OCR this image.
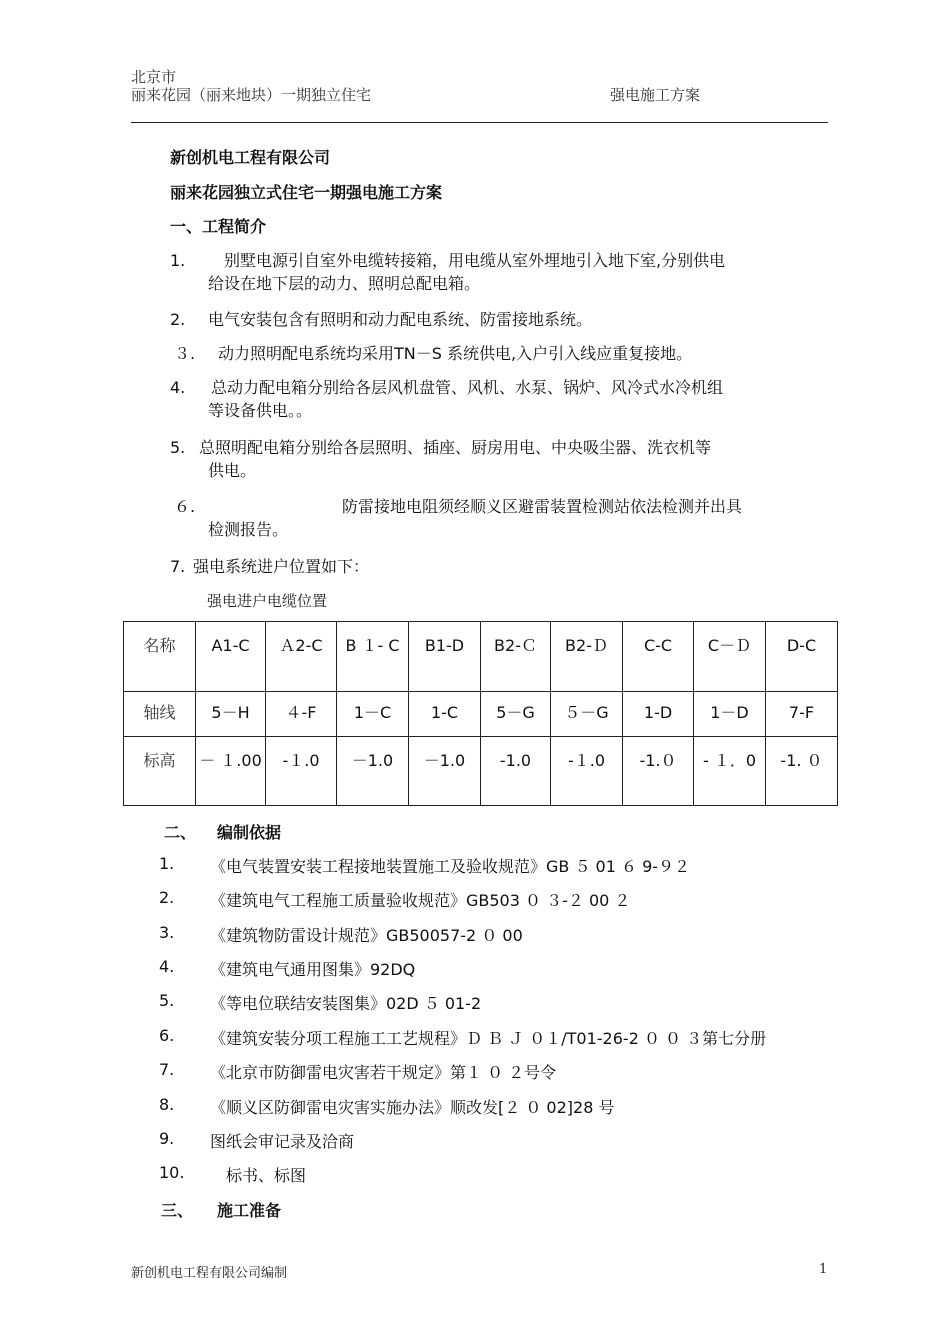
北京市
丽来花园（丽来地块）一期独立住宅	强电施工方案
新创机电工程有限公司
丽来花园独立式住宅一期强电施工方案
一、工程简介
1. 别墅电源引自室外电缆转接箱，用电缆从室外埋地引入地下室,分别供电
给设在地下层的动力、照明总配电箱。
2. 电气安装包含有照明和动力配电系统、防雷接地系统。
３. 动力照明配电系统均采用TN－S 系统供电,入户引入线应重复接地。
4. 总动力配电箱分别给各层风机盘管、风机、水泵、锅炉、风冷式水冷机组
等设备供电。。
5. 总照明配电箱分别给各层照明、插座、厨房用电、中央吸尘器、洗衣机等
供电。
６.	防雷接地电阻须经顺义区避雷装置检测站依法检测并出具
检测报告。
7. 强电系统进户位置如下：
强电进户电缆位置
名称	A1-C	Ａ2-C	B １- C	B1-D	B2-Ｃ	B2-Ｄ	C-C	C－Ｄ	D-C
轴线	5－H	４-F	1－C	1-C	5－G	５－G	1-D	1－D	7-F
标高	－ １.00	-１.0	－1.0	－1.0	-1.0	-１.0	-1.０	- １．0	-1. ０
二、 编制依据
1. 《电气装置安装工程接地装置施工及验收规范》GB ５ 01 ６ 9-９２
2. 《建筑电气工程施工质量验收规范》GB503 ０ ３-２ 00 ２
3. 《建筑物防雷设计规范》GB50057-2 ０ 00
4. 《建筑电气通用图集》92DQ
5. 《等电位联结安装图集》02D ５ 01-2
6. 《建筑安装分项工程施工工艺规程》Ｄ Ｂ Ｊ ０１/T01-26-2 ０ ０ ３第七分册
7. 《北京市防御雷电灾害若干规定》第１ ０ ２号令
8. 《顺义区防御雷电灾害实施办法》顺改发[２ ０ 02]28 号
9. 图纸会审记录及洽商
10.	标书、标图
三、 施工准备
新创机电工程有限公司编制	1
